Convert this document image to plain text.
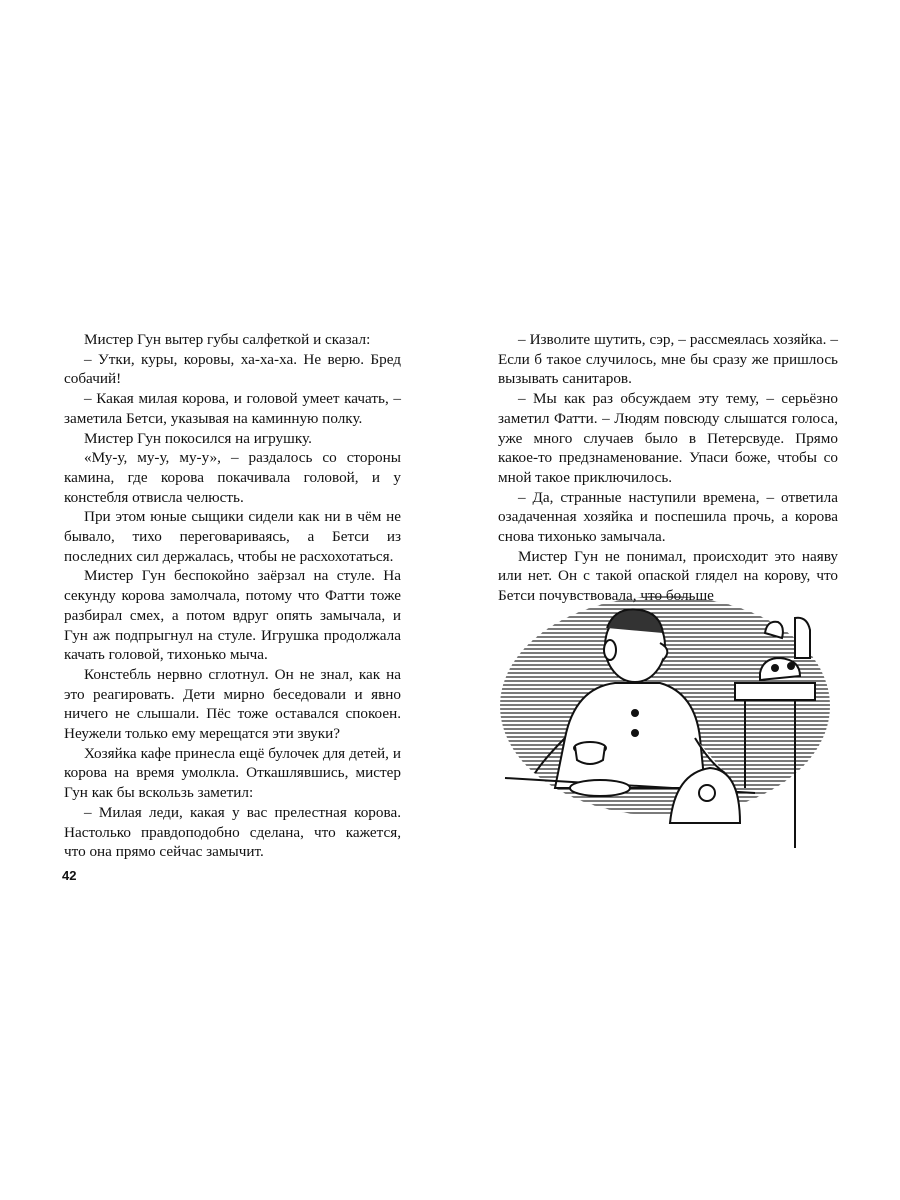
Мистер Гун вытер губы салфеткой и сказал:

– Утки, куры, коровы, ха-ха-ха. Не верю. Бред собачий!

– Какая милая корова, и головой умеет качать, – заметила Бетси, указывая на каминную полку.

Мистер Гун покосился на игрушку.

«Му-у, му-у, му-у», – раздалось со стороны камина, где корова покачивала головой, и у констебля отвисла челюсть.

При этом юные сыщики сидели как ни в чём не бывало, тихо переговариваясь, а Бетси из последних сил держалась, чтобы не расхохотаться.

Мистер Гун беспокойно заёрзал на стуле. На секунду корова замолчала, потому что Фатти тоже разбирал смех, а потом вдруг опять замычала, и Гун аж подпрыгнул на стуле. Игрушка продолжала качать головой, тихонько мыча.

Констебль нервно сглотнул. Он не знал, как на это реагировать. Дети мирно беседовали и явно ничего не слышали. Пёс тоже оставался спокоен. Неужели только ему мерещатся эти звуки?

Хозяйка кафе принесла ещё булочек для детей, и корова на время умолкла. Откашлявшись, мистер Гун как бы вскользь заметил:

– Милая леди, какая у вас прелестная корова. Настолько правдоподобно сделана, что кажется, что она прямо сейчас замычит.

42

– Изволите шутить, сэр, – рассмеялась хозяйка. – Если б такое случилось, мне бы сразу же пришлось вызывать санитаров.

– Мы как раз обсуждаем эту тему, – серьёзно заметил Фатти. – Людям повсюду слышатся голоса, уже много случаев было в Петерсвуде. Прямо какое-то предзнаменование. Упаси боже, чтобы со мной такое приключилось.

– Да, странные наступили времена, – ответила озадаченная хозяйка и поспешила прочь, а корова снова тихонько замычала.

Мистер Гун не понимал, происходит это наяву или нет. Он с такой опаской глядел на корову, что Бетси почувствовала, что больше
